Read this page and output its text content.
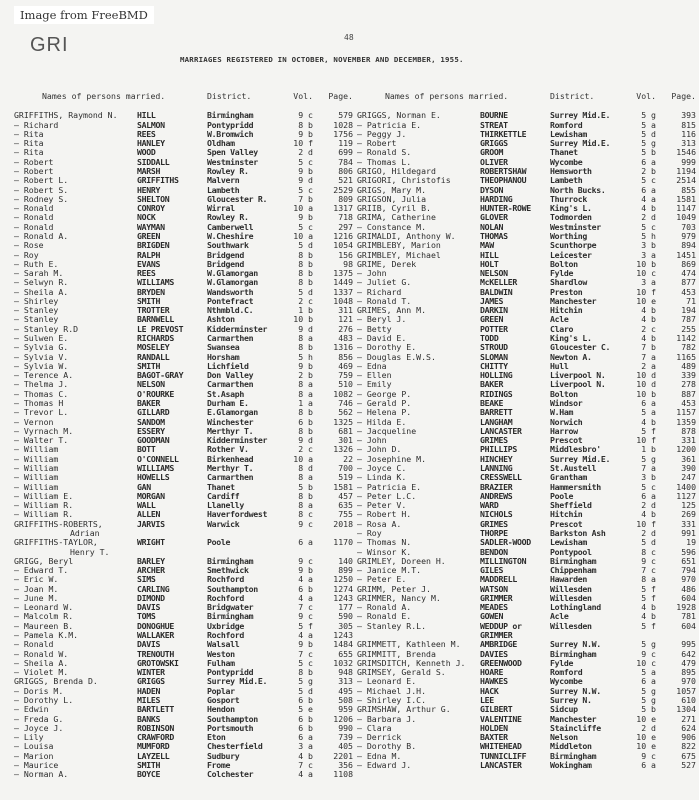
Image from FreeBMD
48
GRI
MARRIAGES REGISTERED IN OCTOBER, NOVEMBER AND DECEMBER, 1955.
Names of persons married.	District.	Vol.	Page.
GRIFFITHS, Raymond N.	HILL	Birmingham	9 c	579
— Richard	SALMON	Pontypridd	8 b	1028
— Rita	REES	W.Bromwich	9 b	1756
— Rita	HANLEY	Oldham	10 f	119
— Rita	WOOD	Spen Valley	2 d	699
— Robert	SIDDALL	Westminster	5 c	784
— Robert	MARSH	Rowley R.	9 b	806
— Robert L.	GRIFFITHS	Malvern	9 d	521
— Robert S.	HENRY	Lambeth	5 c	2529
— Rodney S.	SHELTON	Gloucester R.	7 b	809
— Ronald	CONROY	Wirral	10 a	1317
— Ronald	NOCK	Rowley R.	9 b	718
— Ronald	WAYMAN	Camberwell	5 c	297
— Ronald A.	GREEN	W.Cheshire	10 a	1216
— Rose	BRIGDEN	Southwark	5 d	1054
— Roy	RALPH	Bridgend	8 b	156
— Ruth E.	EVANS	Bridgend	8 b	98
— Sarah M.	REES	W.Glamorgan	8 b	1375
— Selwyn R.	WILLIAMS	W.Glamorgan	8 b	1449
— Sheila A.	BRYDEN	Wandsworth	5 d	1337
— Shirley	SMITH	Pontefract	2 c	1048
— Stanley	TROTTER	Nthmbld.C.	1 b	311
— Stanley	BARNWELL	Ashton	10 b	121
— Stanley R.D	LE PREVOST	Kidderminster	9 d	276
— Sulwen E.	RICHARDS	Carmarthen	8 a	483
— Sylvia G.	MOSELEY	Swansea	8 b	1316
— Sylvia V.	RANDALL	Horsham	5 h	856
— Sylvia W.	SMITH	Lichfield	9 b	469
— Terence A.	BAGOT-GRAY	Don Valley	2 b	759
— Thelma J.	NELSON	Carmarthen	8 a	510
— Thomas C.	O'ROURKE	St.Asaph	8 a	1082
— Thomas H	BAKER	Durham E.	1 a	746
— Trevor L.	GILLARD	E.Glamorgan	8 b	562
— Vernon	SANDOM	Winchester	6 b	1325
— Vyrnach M.	ESSERY	Merthyr T.	8 b	681
— Walter T.	GOODMAN	Kidderminster	9 d	301
— William	BOTT	Rother V.	2 c	1326
— William	O'CONNELL	Birkenhead	10 a	22
— William	WILLIAMS	Merthyr T.	8 d	700
— William	HOWELLS	Carmarthen	8 a	519
— William	GAN	Thanet	5 b	1581
— William E.	MORGAN	Cardiff	8 b	457
— William R.	WALL	Llanelly	8 a	635
— William R.	ALLEN	Haverfordwest	8 c	755
GRIFFITHS-ROBERTS,	JARVIS	Warwick	9 c	2018
Adrian
GRIFFITHS-TAYLOR,	WRIGHT	Poole	6 a	1170
Henry T.
GRIGG, Beryl	BARLEY	Birmingham	9 c	140
— Edward T.	ARCHER	Smethwick	9 b	899
— Eric W.	SIMS	Rochford	4 a	1250
— Joan M.	CARLING	Southampton	6 b	1274
— June M.	DIMOND	Rochford	4 a	1243
— Leonard W.	DAVIS	Bridgwater	7 c	177
— Malcolm R.	TOMS	Birmingham	9 c	590
— Maureen B.	DONOGHUE	Uxbridge	5 f	305
— Pamela K.M.	WALLAKER	Rochford	4 a	1243
— Ronald	DAVIS	Walsall	9 b	1484
— Ronald W.	TRENOUTH	Weston	7 c	655
— Sheila A.	GROTOWSKI	Fulham	5 c	1032
— Violet M.	WINTER	Pontypridd	8 b	948
GRIGGS, Brenda D.	GRIGGS	Surrey Mid.E.	5 g	313
— Doris M.	HADEN	Poplar	5 d	495
— Dorothy L.	MILES	Gosport	6 b	508
— Edwin	BARTLETT	Hendon	5 e	959
— Freda G.	BANKS	Southampton	6 b	1206
— Joyce J.	ROBINSON	Portsmouth	6 b	990
— Lily	CRAWFORD	Eton	6 a	739
— Louisa	MUMFORD	Chesterfield	3 a	405
— Marion	LAYZELL	Sudbury	4 b	2201
— Maurice	SMITH	Frome	7 c	356
— Norman A.	BOYCE	Colchester	4 a	1108
Names of persons married.	District.	Vol.	Page.
GRIGGS, Norman E.	BOURNE	Surrey Mid.E.	5 g	393
— Patricia E.	STREAT	Romford	5 a	815
— Peggy J.	THIRKETTLE	Lewisham	5 d	116
— Robert	GRIGGS	Surrey Mid.E.	5 g	313
— Ronald S.	GROOM	Thanet	5 b	1546
— Thomas L.	OLIVER	Wycombe	6 a	999
GRIGO, Hildegard	ROBERTSHAW	Hemsworth	2 b	1194
GRIGORI, Christofis	THEOPHANOU	Lambeth	5 c	2514
GRIGS, Mary M.	DYSON	North Bucks.	6 a	855
GRIGSON, Julia	HARDING	Thurrock	4 a	1581
GRIIB, Cyril B.	HUNTER-ROWE	King's L.	4 b	1147
GRIMA, Catherine	GLOVER	Todmorden	2 d	1049
— Constance M.	NOLAN	Westminster	5 c	703
GRIMALDI, Anthony W.	THOMAS	Worthing	5 h	979
GRIMBLEBY, Marion	MAW	Scunthorpe	3 b	894
GRIMBLEY, Michael	HILL	Leicester	3 a	1451
GRIME, Derek	HOLT	Bolton	10 b	869
— John	NELSON	Fylde	10 c	474
— Juliet G.	McKELLER	Shardlow	3 a	877
— Richard	BALDWIN	Preston	10 f	453
— Ronald T.	JAMES	Manchester	10 e	71
GRIMES, Ann M.	DARKIN	Hitchin	4 b	194
— Beryl J.	GREEN	Acle	4 b	787
— Betty	POTTER	Claro	2 c	255
— David E.	TODD	King's L.	4 b	1142
— Dorothy E.	STROUD	Gloucester C.	7 b	782
— Douglas E.W.S.	SLOMAN	Newton A.	7 a	1165
— Edna	CHITTY	Hull	2 a	489
— Ellen	HOLLING	Liverpool N.	10 d	339
— Emily	BAKER	Liverpool N.	10 d	278
— George P.	RIDINGS	Bolton	10 b	887
— Gerald P.	BEAKE	Windsor	6 a	453
— Helena P.	BARRETT	W.Ham	5 a	1157
— Hilda E.	LANGHAM	Norwich	4 b	1359
— Jacqueline	LANCASTER	Harrow	5 f	878
— John	GRIMES	Prescot	10 f	331
— John D.	PHILLIPS	Middlesbro'	1 b	1200
— Josephine M.	HINCHEY	Surrey Mid.E.	5 g	361
— Joyce C.	LANNING	St.Austell	7 a	390
— Linda K.	CRESSWELL	Grantham	3 b	247
— Patricia E.	BRAZIER	Hammersmith	5 c	1400
— Peter L.C.	ANDREWS	Poole	6 a	1127
— Peter V.	WARD	Sheffield	2 d	125
— Robert H.	NICHOLS	Hitchin	4 b	269
— Rosa A.	GRIMES	Prescot	10 f	331
— Roy	THORPE	Barkston Ash	2 d	991
— Thomas N.	SADLER-WOOD	Lewisham	5 d	19
— Winsor K.	BENDON	Pontypool	8 c	596
GRIMLEY, Doreen H.	MILLINGTON	Birmingham	9 c	651
— Janice M.T.	GILES	Chippenham	7 c	794
— Peter E.	MADDRELL	Hawarden	8 a	970
GRIMM, Peter J.	WATSON	Willesden	5 f	486
GRIMMER, Nancy M.	GRIMMER	Willesden	5 f	604
— Ronald A.	MEADES	Lothingland	4 b	1928
— Ronald E.	GOWEN	Acle	4 b	781
— Stanley R.L.	WEDDUP or	Willesden	5 f	604
GRIMMER
GRIMMETT, Kathleen M.	AMBRIDGE	Surrey N.W.	5 g	995
GRIMMITT, Brenda	DAVIES	Birmingham	9 c	642
GRIMSDITCH, Kenneth J.	GREENWOOD	Fylde	10 c	479
GRIMSEY, Gerald S.	HOARE	Romford	5 a	895
— Leonard E.	HAWKES	Wycombe	6 a	970
— Michael J.H.	HACK	Surrey N.W.	5 g	1057
— Shirley I.C.	LEE	Surrey N.	5 g	610
GRIMSHAW, Arthur G.	GILBERT	Sidcup	5 b	1304
— Barbara J.	VALENTINE	Manchester	10 e	271
— Clara	HOLDEN	Staincliffe	2 d	624
— Derrick	BAXTER	Nelson	10 e	906
— Dorothy B.	WHITEHEAD	Middleton	10 e	822
— Edna M.	TUNNICLIFF	Birmingham	9 c	675
— Edward J.	LANCASTER	Wokingham	6 a	527
